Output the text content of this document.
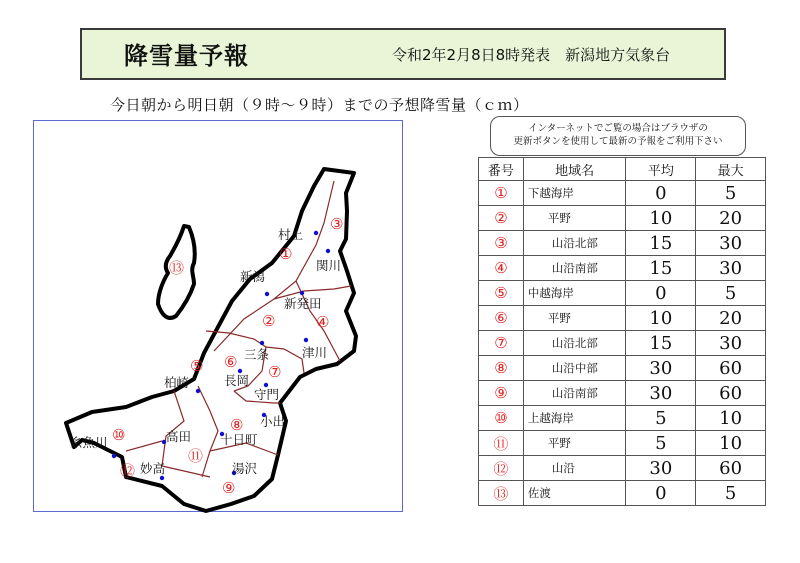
降雪量予報	令和2年2月8日8時発表　新潟地方気象台
今日朝から明日朝（９時～９時）までの予想降雪量（ｃｍ）
村上
関川
新潟
新発田
三条	津川
柏崎	長岡
守門
小出
高田 十日町
糸魚川
妙高	湯沢
①
②
③
④
⑤ ⑥
⑦
⑧
⑨
⑩
⑪
⑫
⑬
インターネットでご覧の場合はブラウザの
更新ボタンを使用して最新の予報をご利用下さい
番号	地域名	平均	最大
①	下越海岸	0	5
②	平野	10	20
③	山沿北部	15	30
④	山沿南部	15	30
⑤	中越海岸	0	5
⑥	平野	10	20
⑦	山沿北部	15	30
⑧	山沿中部	30	60
⑨	山沿南部	30	60
⑩	上越海岸	5	10
⑪	平野	5	10
⑫	山沿	30	60
⑬	佐渡	0	5
